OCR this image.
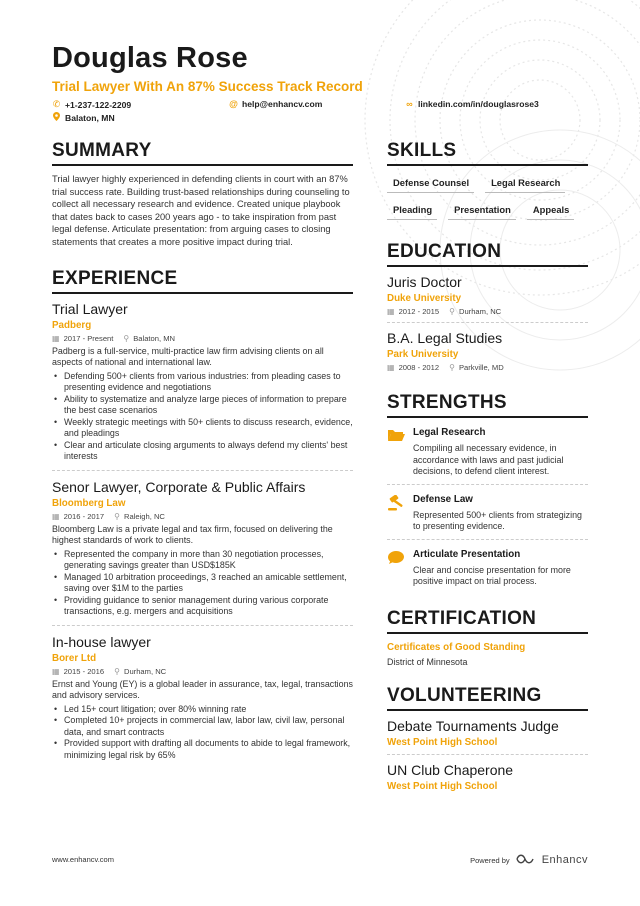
Douglas Rose
Trial Lawyer With An 87% Success Track Record
✆ +1-237-122-2209	@ help@enhancv.com	∞ linkedin.com/in/douglasrose3
Balaton, MN
SUMMARY
Trial lawyer highly experienced in defending clients in court with an 87% trial success rate. Building trust-based relationships during counseling to collect all necessary research and evidence. Created unique playbook that dates back to cases 200 years ago - to take inspiration from past legal defense. Articulate presentation: from arguing cases to closing statements that creates a more positive impact during trial.
EXPERIENCE
Trial Lawyer
Padberg
▦ 2017 - Present ⚲ Balaton, MN
Padberg is a full-service, multi-practice law firm advising clients on all aspects of national and international law.
• Defending 500+ clients from various industries: from pleading cases to presenting evidence and negotiations
• Ability to systematize and analyze large pieces of information to prepare the best case scenarios
• Weekly strategic meetings with 50+ clients to discuss research, evidence, and pleadings
• Clear and articulate closing arguments to always defend my clients' best interests
Senor Lawyer, Corporate & Public Affairs
Bloomberg Law
▦ 2016 - 2017 ⚲ Raleigh, NC
Bloomberg Law is a private legal and tax firm, focused on delivering the highest standards of work to clients.
• Represented the company in more than 30 negotiation processes, generating savings greater than USD$185K
• Managed 10 arbitration proceedings, 3 reached an amicable settlement, saving over $1M to the parties
• Providing guidance to senior management during various corporate transactions, e.g. mergers and acquisitions
In-house lawyer
Borer Ltd
▦ 2015 - 2016 ⚲ Durham, NC
Ernst and Young (EY) is a global leader in assurance, tax, legal, transactions and advisory services.
• Led 15+ court litigation; over 80% winning rate
• Completed 10+ projects in commercial law, labor law, civil law, personal data, and smart contracts
• Provided support with drafting all documents to abide to legal framework, minimizing legal risk by 65%
SKILLS
Defense Counsel	Legal Research
Pleading	Presentation	Appeals
EDUCATION
Juris Doctor
Duke University
▦ 2012 - 2015 ⚲ Durham, NC
B.A. Legal Studies
Park University
▦ 2008 - 2012 ⚲ Parkville, MD
STRENGTHS
Legal Research
Compiling all necessary evidence, in accordance with laws and past judicial decisions, to defend client interest.
Defense Law
Represented 500+ clients from strategizing to presenting evidence.
Articulate Presentation
Clear and concise presentation for more positive impact on trial process.
CERTIFICATION
Certificates of Good Standing
District of Minnesota
VOLUNTEERING
Debate Tournaments Judge
West Point High School
UN Club Chaperone
West Point High School
www.enhancv.com	Powered by	Enhancv
